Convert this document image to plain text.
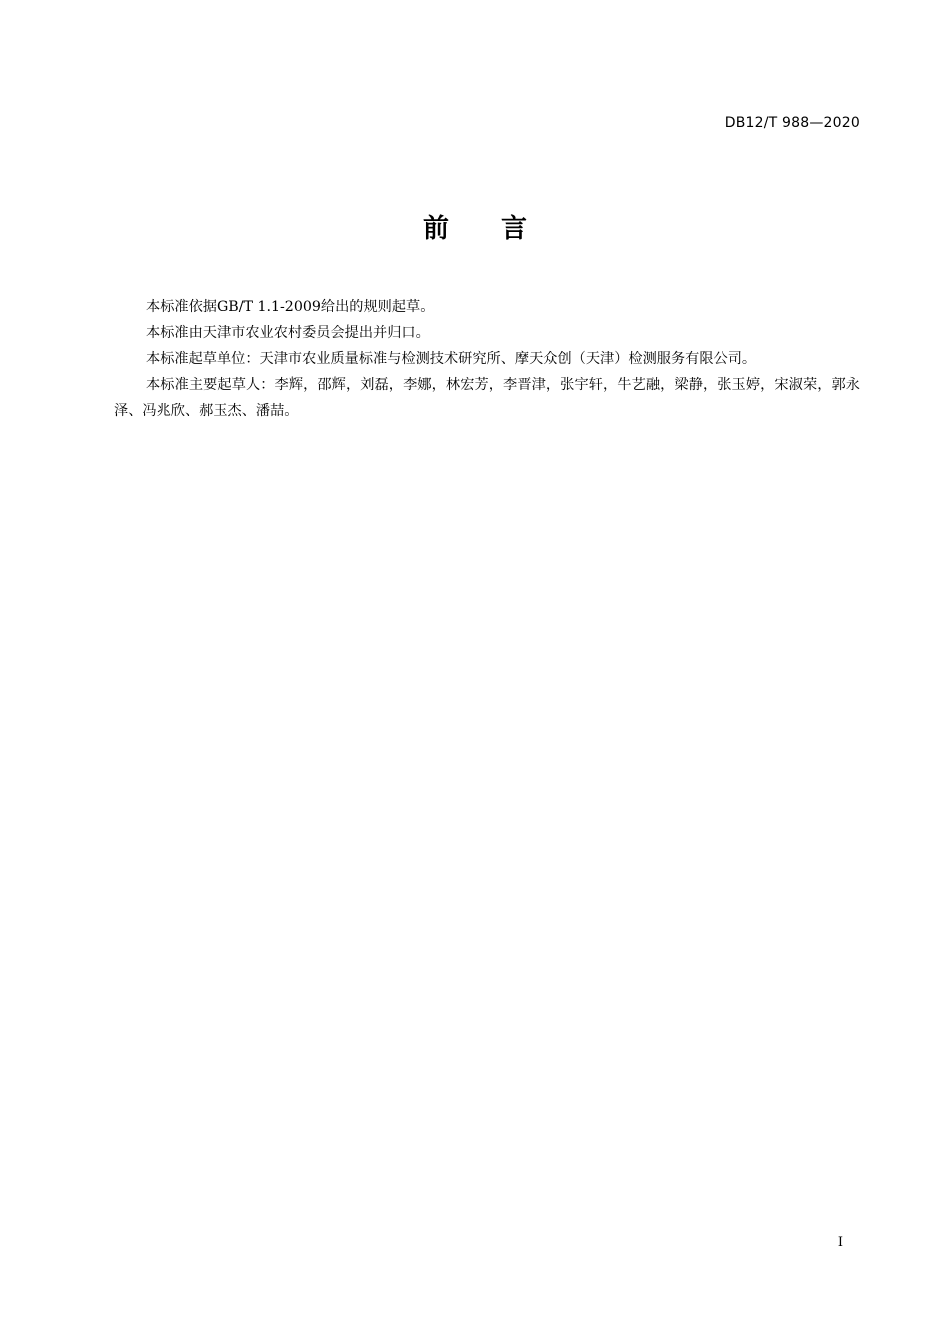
DB12/T 988—2020
前 言

本标准依据GB/T 1.1-2009给出的规则起草。

本标准由天津市农业农村委员会提出并归口。

本标准起草单位：天津市农业质量标准与检测技术研究所、摩天众创（天津）检测服务有限公司。

本标准主要起草人：李辉，邵辉，刘磊，李娜，林宏芳，李晋津，张宇轩，牛艺融，梁静，张玉婷，宋淑荣，郭永泽、冯兆欣、郝玉杰、潘喆。

I
